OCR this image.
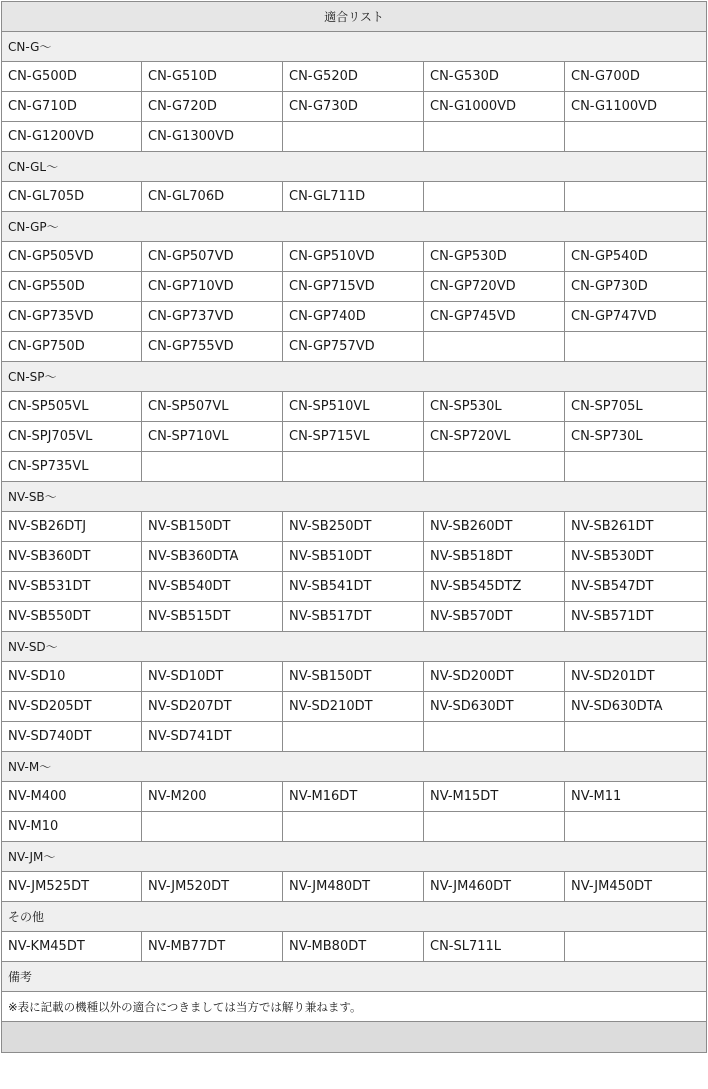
適合リスト				
CN-G～				
CN-G500D	CN-G510D	CN-G520D	CN-G530D	CN-G700D
CN-G710D	CN-G720D	CN-G730D	CN-G1000VD	CN-G1100VD
CN-G1200VD	CN-G1300VD			
CN-GL～				
CN-GL705D	CN-GL706D	CN-GL711D		
CN-GP～				
CN-GP505VD	CN-GP507VD	CN-GP510VD	CN-GP530D	CN-GP540D
CN-GP550D	CN-GP710VD	CN-GP715VD	CN-GP720VD	CN-GP730D
CN-GP735VD	CN-GP737VD	CN-GP740D	CN-GP745VD	CN-GP747VD
CN-GP750D	CN-GP755VD	CN-GP757VD		
CN-SP～				
CN-SP505VL	CN-SP507VL	CN-SP510VL	CN-SP530L	CN-SP705L
CN-SPJ705VL	CN-SP710VL	CN-SP715VL	CN-SP720VL	CN-SP730L
CN-SP735VL				
NV-SB～				
NV-SB26DTJ	NV-SB150DT	NV-SB250DT	NV-SB260DT	NV-SB261DT
NV-SB360DT	NV-SB360DTA	NV-SB510DT	NV-SB518DT	NV-SB530DT
NV-SB531DT	NV-SB540DT	NV-SB541DT	NV-SB545DTZ	NV-SB547DT
NV-SB550DT	NV-SB515DT	NV-SB517DT	NV-SB570DT	NV-SB571DT
NV-SD～				
NV-SD10	NV-SD10DT	NV-SB150DT	NV-SD200DT	NV-SD201DT
NV-SD205DT	NV-SD207DT	NV-SD210DT	NV-SD630DT	NV-SD630DTA
NV-SD740DT	NV-SD741DT			
NV-M～				
NV-M400	NV-M200	NV-M16DT	NV-M15DT	NV-M11
NV-M10				
NV-JM～				
NV-JM525DT	NV-JM520DT	NV-JM480DT	NV-JM460DT	NV-JM450DT
その他				
NV-KM45DT	NV-MB77DT	NV-MB80DT	CN-SL711L	
備考				
※表に記載の機種以外の適合につきましては当方では解り兼ねます。				
